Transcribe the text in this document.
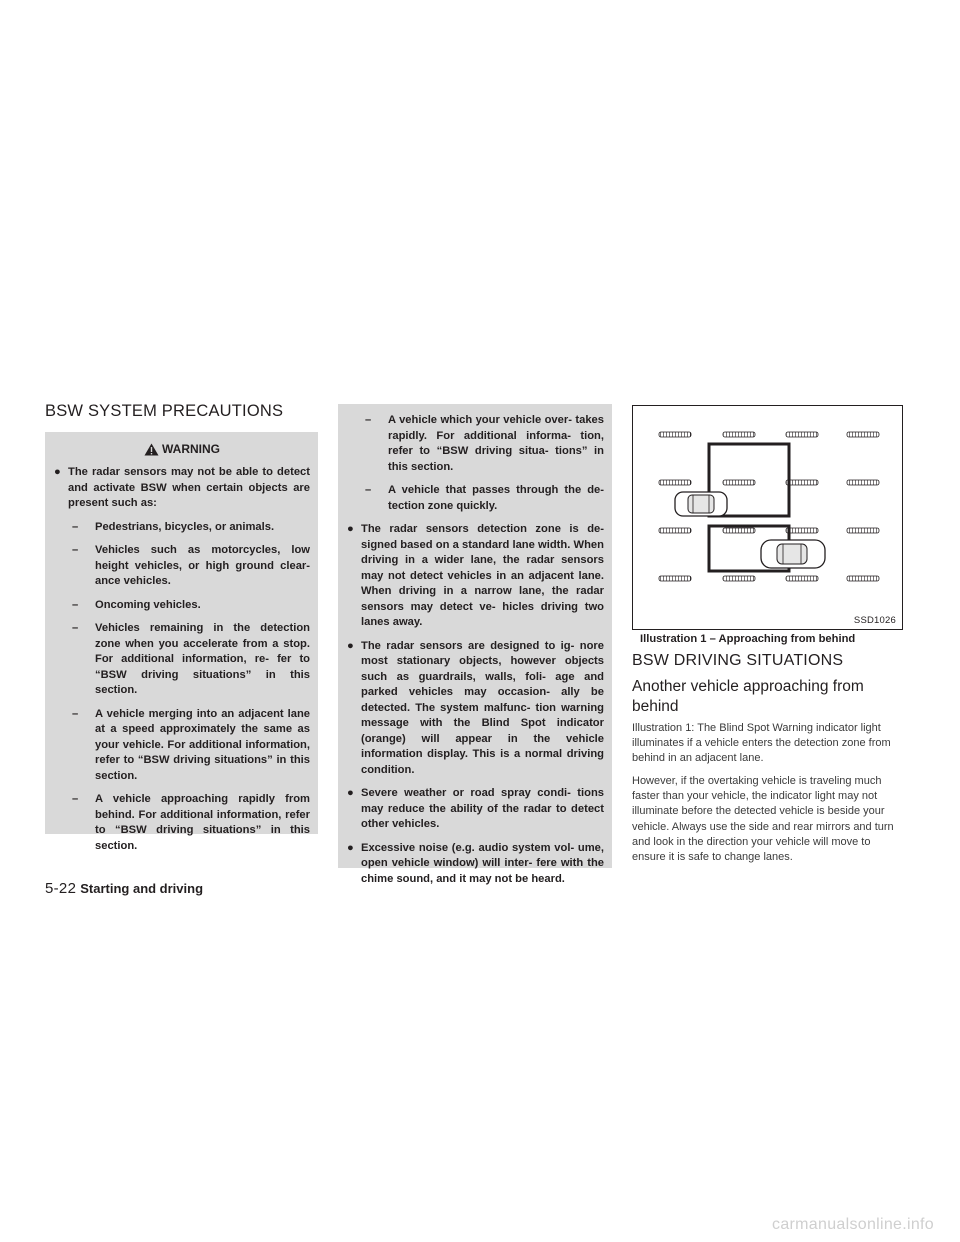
BSW SYSTEM PRECAUTIONS
WARNING
● The radar sensors may not be able to detect and activate BSW when certain objects are present such as:
– Pedestrians, bicycles, or animals.
– Vehicles such as motorcycles, low height vehicles, or high ground clear- ance vehicles.
– Oncoming vehicles.
– Vehicles remaining in the detection zone when you accelerate from a stop. For additional information, re- fer to “BSW driving situations” in this section.
– A vehicle merging into an adjacent lane at a speed approximately the same as your vehicle. For additional information, refer to “BSW driving situations” in this section.
– A vehicle approaching rapidly from behind. For additional information, refer to “BSW driving situations” in this section.
– A vehicle which your vehicle over- takes rapidly. For additional informa- tion, refer to “BSW driving situa- tions” in this section.
– A vehicle that passes through the de- tection zone quickly.
● The radar sensors detection zone is de- signed based on a standard lane width. When driving in a wider lane, the radar sensors may not detect vehicles in an adjacent lane. When driving in a narrow lane, the radar sensors may detect ve- hicles driving two lanes away.
● The radar sensors are designed to ig- nore most stationary objects, however objects such as guardrails, walls, foli- age and parked vehicles may occasion- ally be detected. The system malfunc- tion warning message with the Blind Spot indicator (orange) will appear in the vehicle information display. This is a normal driving condition.
● Severe weather or road spray condi- tions may reduce the ability of the radar to detect other vehicles.
● Excessive noise (e.g. audio system vol- ume, open vehicle window) will inter- fere with the chime sound, and it may not be heard.
SSD1026
Illustration 1 – Approaching from behind
BSW DRIVING SITUATIONS
Another vehicle approaching from behind

Illustration 1: The Blind Spot Warning indicator light illuminates if a vehicle enters the detection zone from behind in an adjacent lane.

However, if the overtaking vehicle is traveling much faster than your vehicle, the indicator light may not illuminate before the detected vehicle is beside your vehicle. Always use the side and rear mirrors and turn and look in the direction your vehicle will move to ensure it is safe to change lanes.

5-22 Starting and driving
carmanualsonline.info
